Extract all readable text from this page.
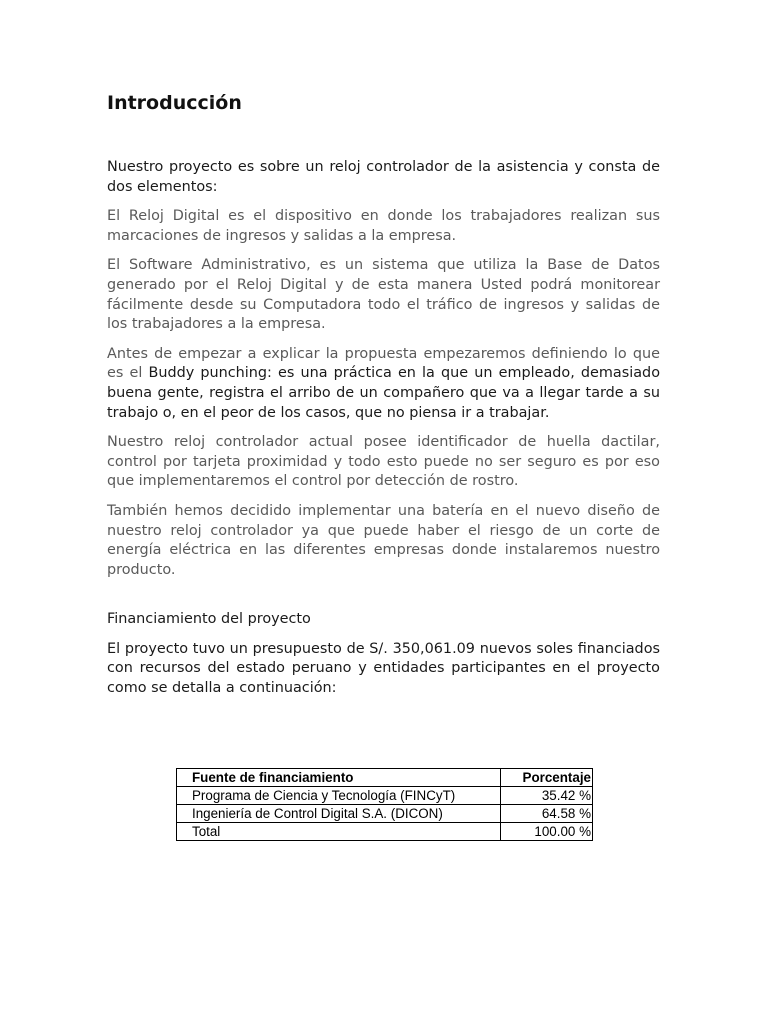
Introducción

Nuestro proyecto es sobre un reloj controlador de la asistencia y consta de dos elementos:

El Reloj Digital es el dispositivo en donde los trabajadores realizan sus marcaciones de ingresos y salidas a la empresa.

El Software Administrativo, es un sistema que utiliza la Base de Datos generado por el Reloj Digital y de esta manera Usted podrá monitorear fácilmente desde su Computadora todo el tráfico de ingresos y salidas de los trabajadores a la empresa.

Antes de empezar a explicar la propuesta empezaremos definiendo lo que es el Buddy punching: es una práctica en la que un empleado, demasiado buena gente, registra el arribo de un compañero que va a llegar tarde a su trabajo o, en el peor de los casos, que no piensa ir a trabajar.

Nuestro reloj controlador actual posee identificador de huella dactilar, control por tarjeta proximidad y todo esto puede no ser seguro es por eso que implementaremos el control por detección de rostro.

También hemos decidido implementar una batería en el nuevo diseño de nuestro reloj controlador ya que puede haber el riesgo de un corte de energía eléctrica en las diferentes empresas donde instalaremos nuestro producto.

Financiamiento del proyecto

El proyecto tuvo un presupuesto de S/. 350,061.09 nuevos soles financiados con recursos del estado peruano y entidades participantes en el proyecto como se detalla a continuación:

Fuente de financiamiento	Porcentaje
Programa de Ciencia y Tecnología (FINCyT)	35.42 %
Ingeniería de Control Digital S.A. (DICON)	64.58 %
Total	100.00 %
